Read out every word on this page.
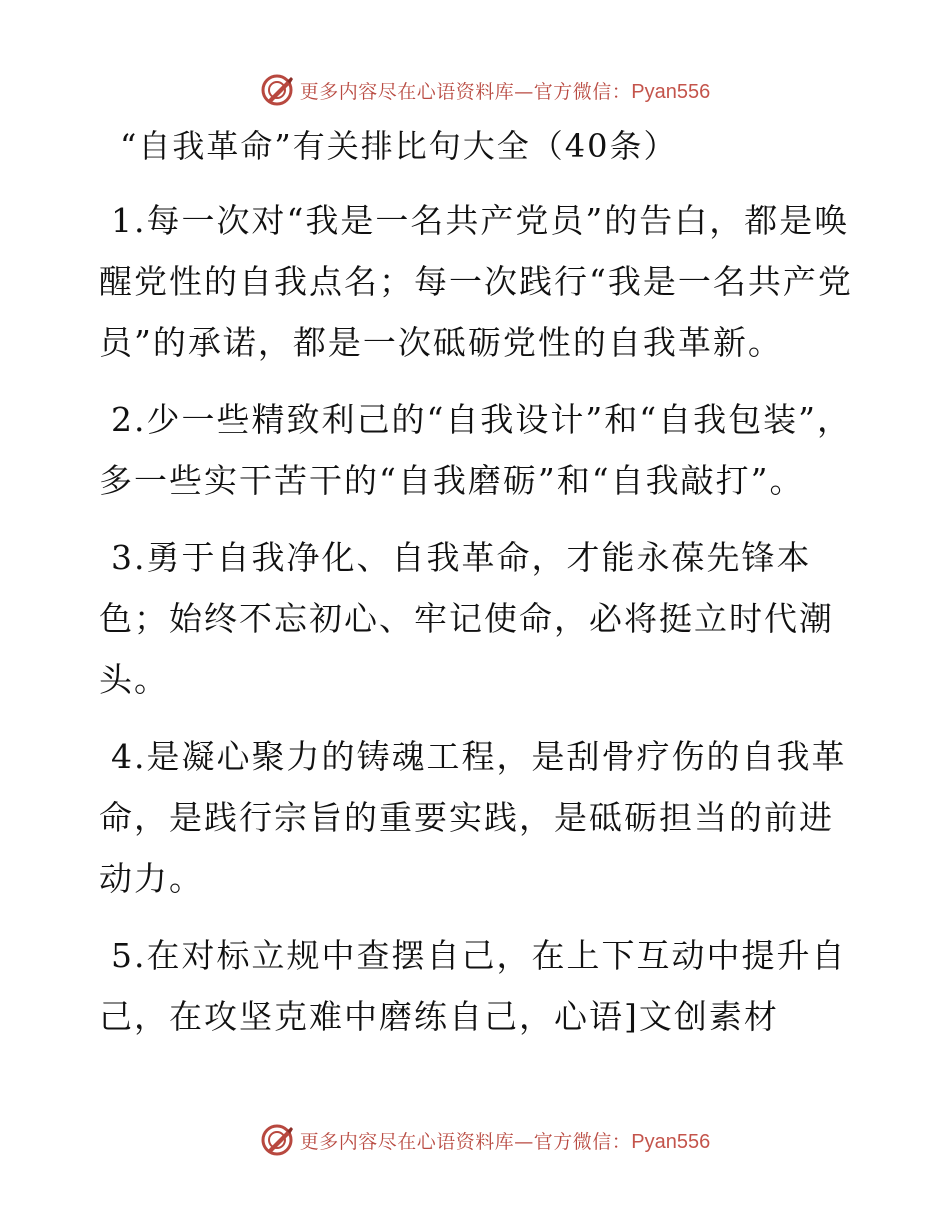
更多内容尽在心语资料库—官方微信：Pyan556
“自我革命”有关排比句大全（40条）

1.每一次对“我是一名共产党员”的告白，都是唤醒党性的自我点名；每一次践行“我是一名共产党员”的承诺，都是一次砥砺党性的自我革新。

2.少一些精致利己的“自我设计”和“自我包装”，多一些实干苦干的“自我磨砺”和“自我敲打”。

3.勇于自我净化、自我革命，才能永葆先锋本色；始终不忘初心、牢记使命，必将挺立时代潮头。

4.是凝心聚力的铸魂工程，是刮骨疗伤的自我革命，是践行宗旨的重要实践，是砥砺担当的前进动力。

5.在对标立规中查摆自己，在上下互动中提升自己，在攻坚克难中磨练自己，心语]文创素材

更多内容尽在心语资料库—官方微信：Pyan556
